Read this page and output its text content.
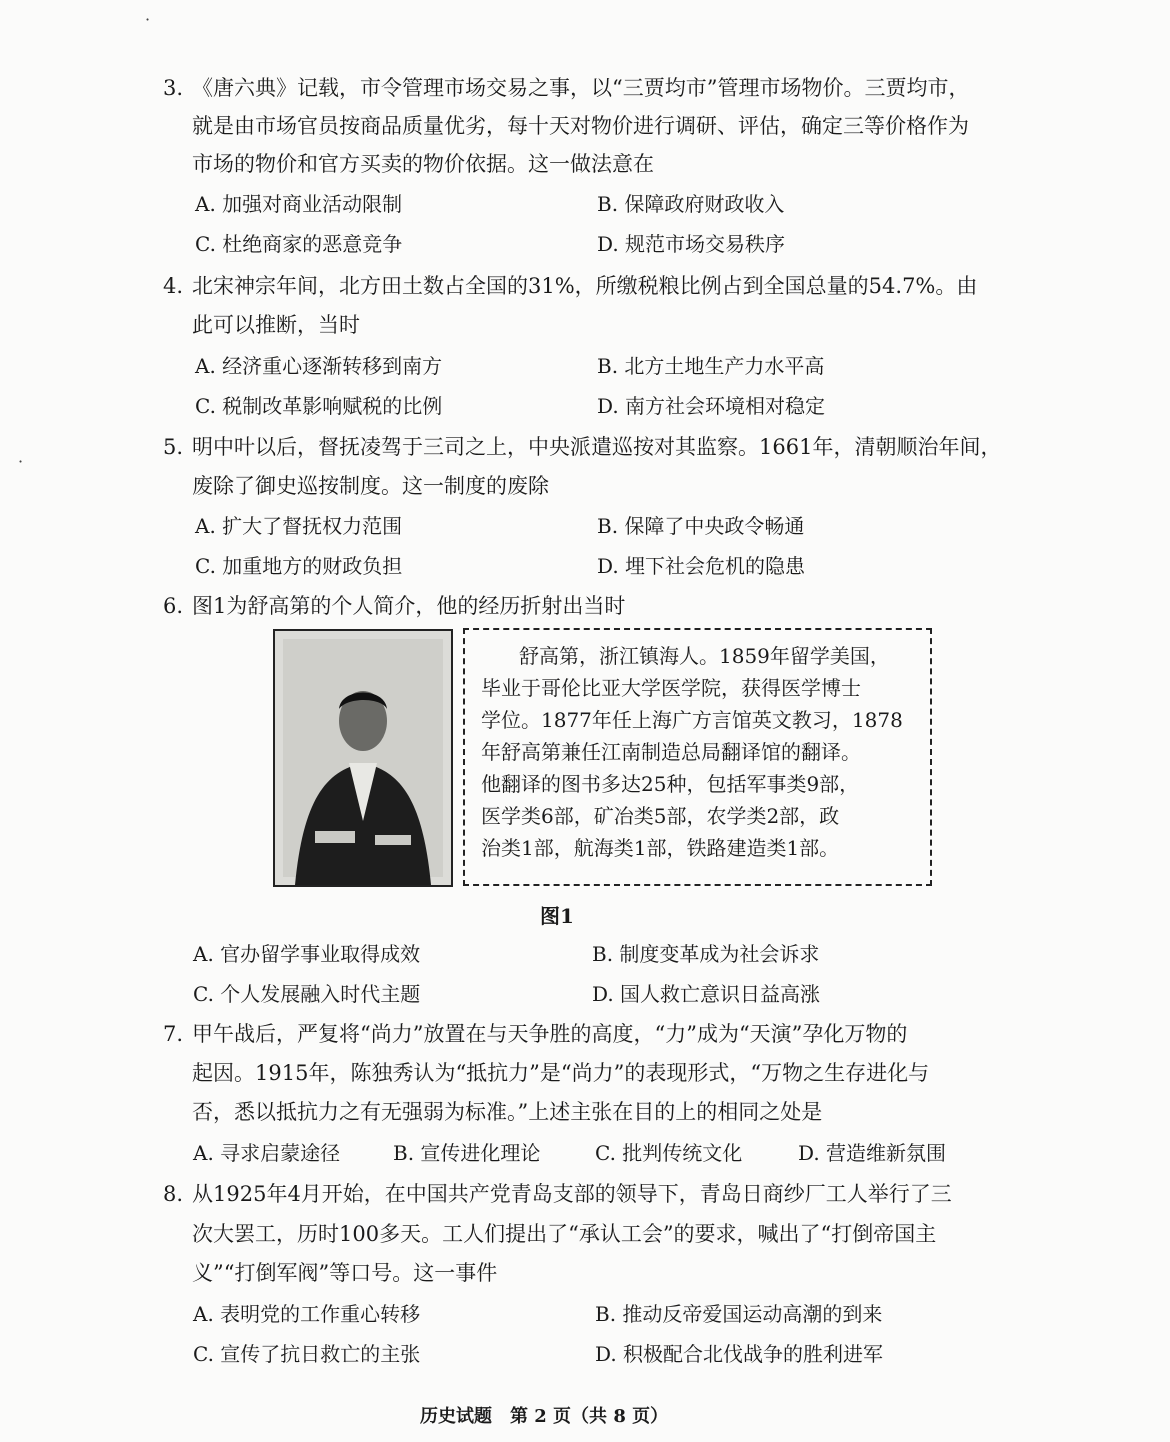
3. 《唐六典》记载，市令管理市场交易之事，以“三贾均市”管理市场物价。三贾均市，
就是由市场官员按商品质量优劣，每十天对物价进行调研、评估，确定三等价格作为
市场的物价和官方买卖的物价依据。这一做法意在
A. 加强对商业活动限制	B. 保障政府财政收入
C. 杜绝商家的恶意竞争	D. 规范市场交易秩序
4. 北宋神宗年间，北方田土数占全国的31%，所缴税粮比例占到全国总量的54.7%。由
此可以推断，当时
A. 经济重心逐渐转移到南方	B. 北方土地生产力水平高
C. 税制改革影响赋税的比例	D. 南方社会环境相对稳定
5. 明中叶以后，督抚凌驾于三司之上，中央派遣巡按对其监察。1661年，清朝顺治年间，
废除了御史巡按制度。这一制度的废除
A. 扩大了督抚权力范围	B. 保障了中央政令畅通
C. 加重地方的财政负担	D. 埋下社会危机的隐患
6. 图1为舒高第的个人简介，他的经历折射出当时
舒高第，浙江镇海人。1859年留学美国，
毕业于哥伦比亚大学医学院，获得医学博士
学位。1877年任上海广方言馆英文教习，1878
年舒高第兼任江南制造总局翻译馆的翻译。
他翻译的图书多达25种，包括军事类9部，
医学类6部，矿冶类5部，农学类2部，政
治类1部，航海类1部，铁路建造类1部。
图1
A. 官办留学事业取得成效	B. 制度变革成为社会诉求
C. 个人发展融入时代主题	D. 国人救亡意识日益高涨
7. 甲午战后，严复将“尚力”放置在与天争胜的高度，“力”成为“天演”孕化万物的
起因。1915年，陈独秀认为“抵抗力”是“尚力”的表现形式，“万物之生存进化与
否，悉以抵抗力之有无强弱为标准。”上述主张在目的上的相同之处是
A. 寻求启蒙途径	B. 宣传进化理论	C. 批判传统文化	D. 营造维新氛围
8. 从1925年4月开始，在中国共产党青岛支部的领导下，青岛日商纱厂工人举行了三
次大罢工，历时100多天。工人们提出了“承认工会”的要求，喊出了“打倒帝国主
义”“打倒军阀”等口号。这一事件
A. 表明党的工作重心转移	B. 推动反帝爱国运动高潮的到来
C. 宣传了抗日救亡的主张	D. 积极配合北伐战争的胜利进军
历史试题　第 2 页（共 8 页）
·
·
